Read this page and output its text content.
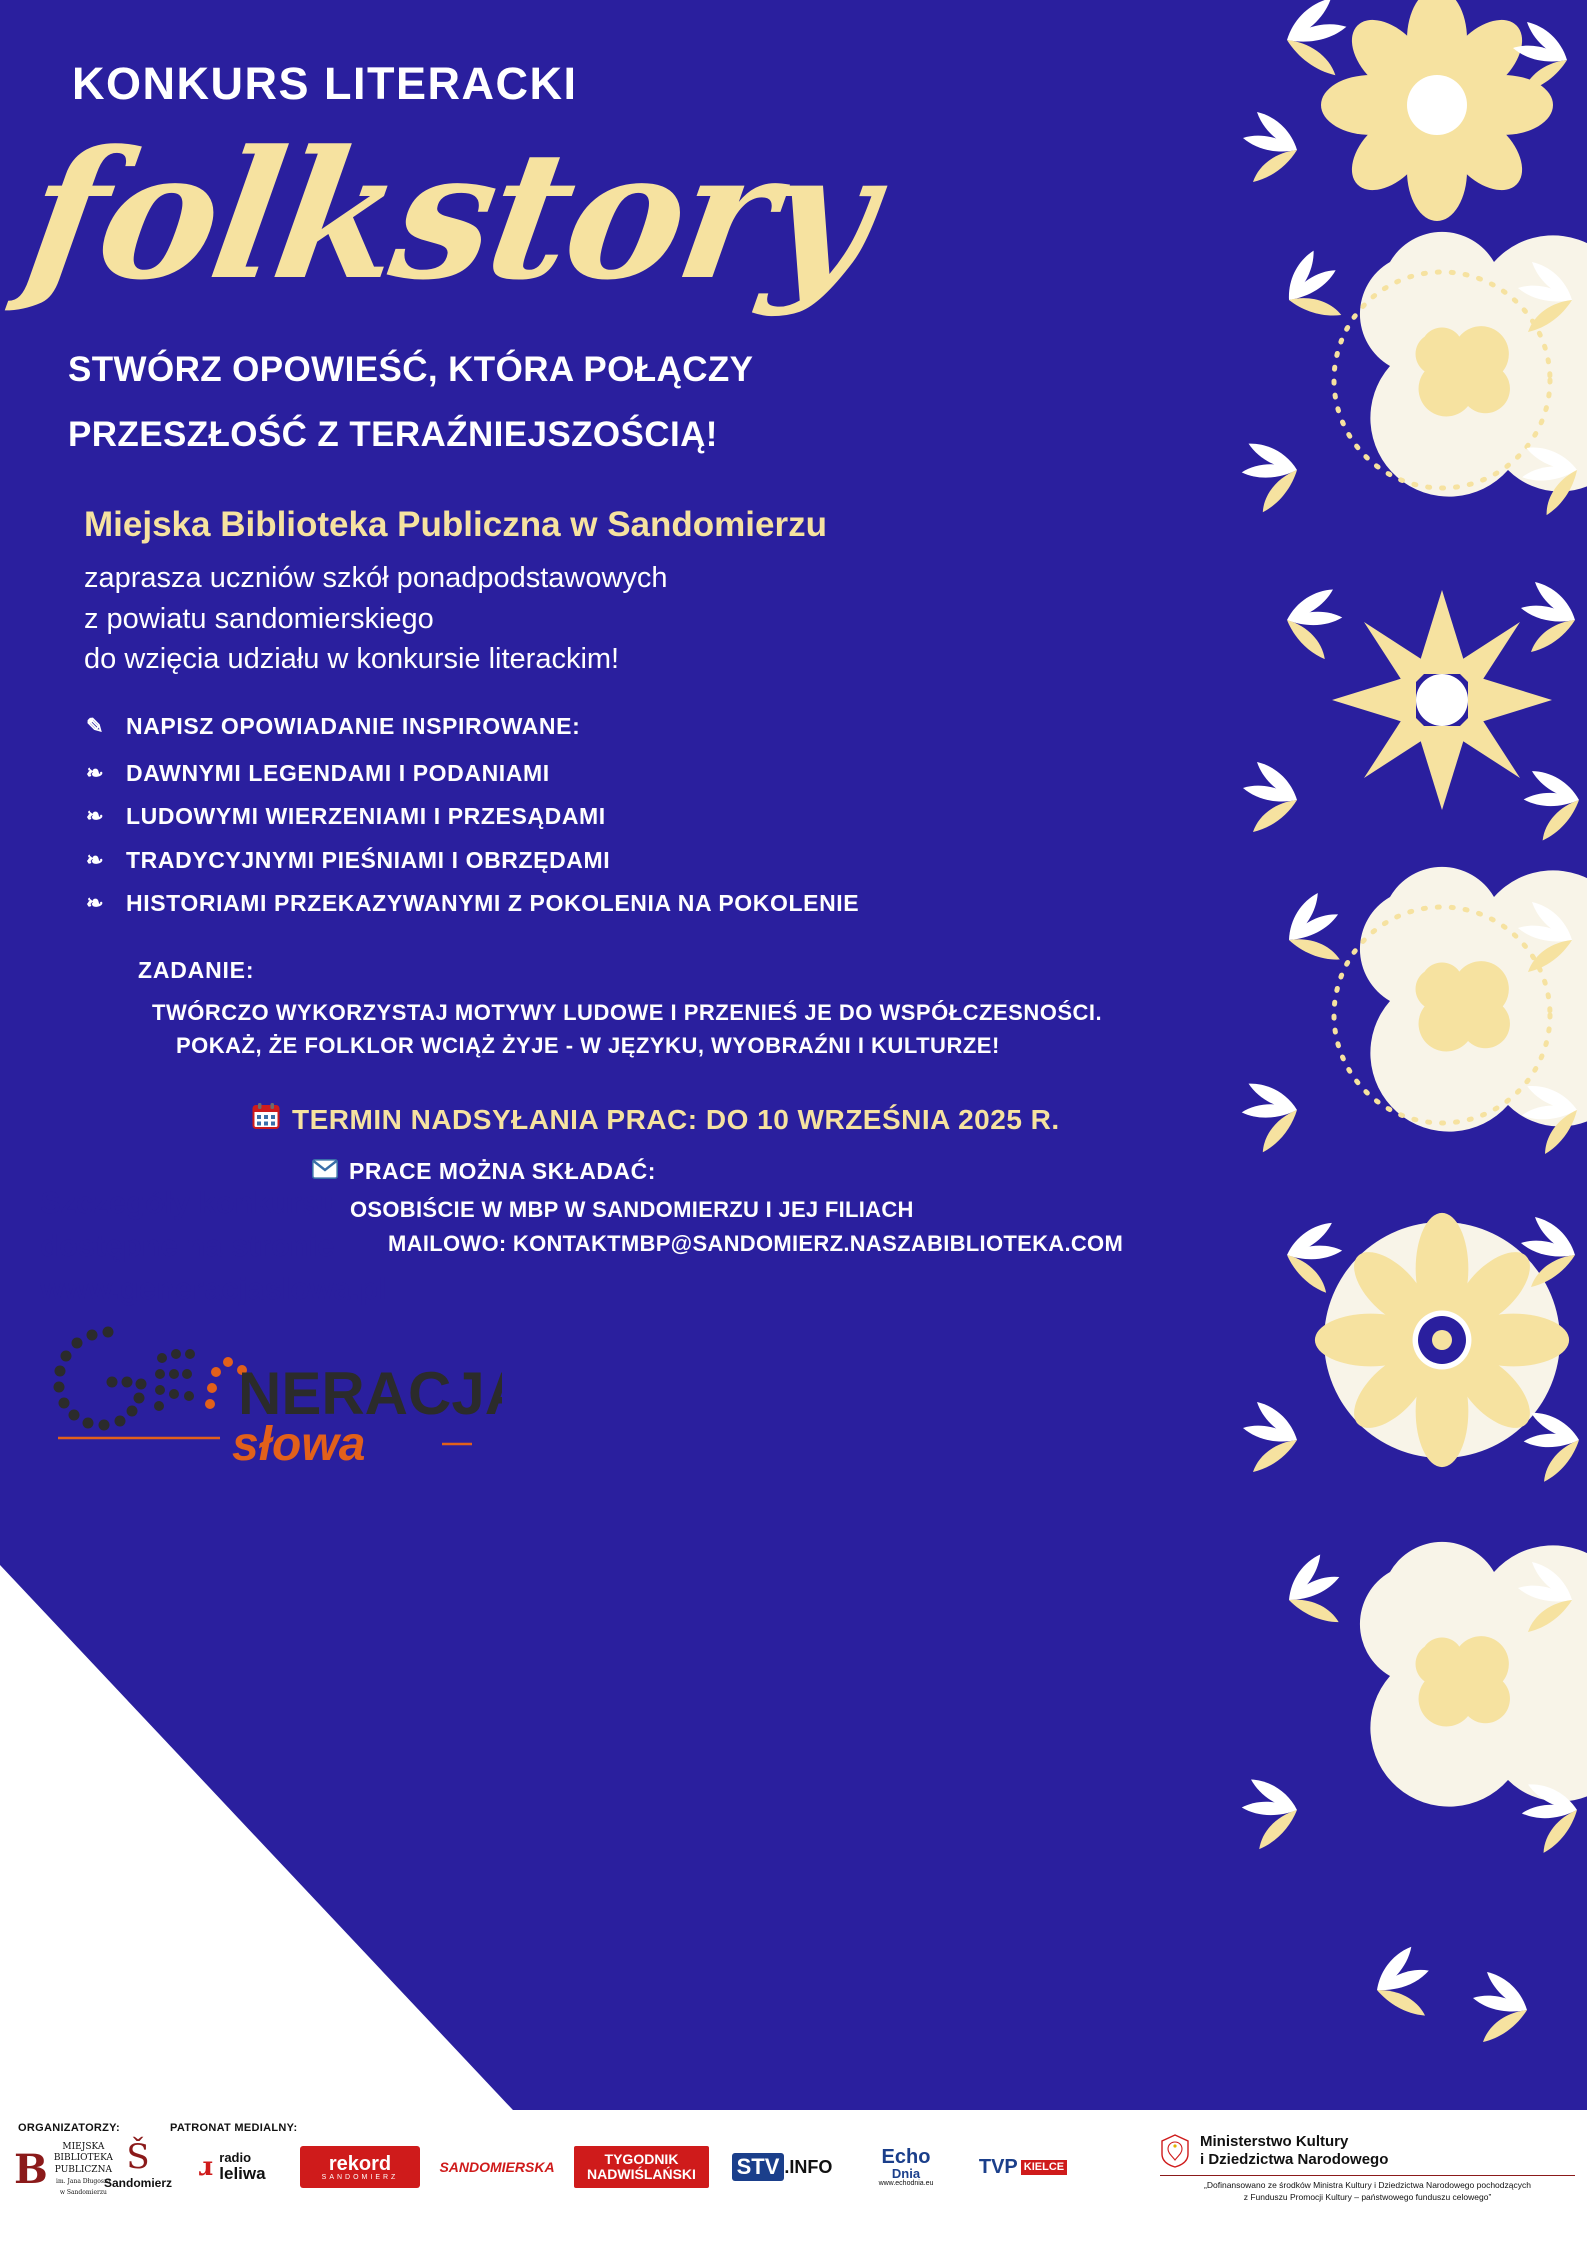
KONKURS LITERACKI
folkstory
STWÓRZ OPOWIEŚĆ, KTÓRA POŁĄCZY
PRZESZŁOŚĆ Z TERAŹNIEJSZOŚCIĄ!
Miejska Biblioteka Publiczna w Sandomierzu
zaprasza uczniów szkół ponadpodstawowych
z powiatu sandomierskiego
do wzięcia udziału w konkursie literackim!
✎ NAPISZ OPOWIADANIE INSPIROWANE:
❧ DAWNYMI LEGENDAMI I PODANIAMI
❧ LUDOWYMI WIERZENIAMI I PRZESĄDAMI
❧ TRADYCYJNYMI PIEŚNIAMI I OBRZĘDAMI
❧ HISTORIAMI PRZEKAZYWANYMI Z POKOLENIA NA POKOLENIE
ZADANIE:
TWÓRCZO WYKORZYSTAJ MOTYWY LUDOWE I PRZENIEŚ JE DO WSPÓŁCZESNOŚCI.
POKAŻ, ŻE FOLKLOR WCIĄŻ ŻYJE - W JĘZYKU, WYOBRAŹNI I KULTURZE!
TERMIN NADSYŁANIA PRAC: DO 10 WRZEŚNIA 2025 R.
PRACE MOŻNA SKŁADAĆ:
OSOBIŚCIE W MBP W SANDOMIERZU I JEJ FILIACH
MAILOWO: KONTAKTMBP@SANDOMIERZ.NASZABIBLIOTEKA.COM
Szczegóły konkursu
dostępne na stronie
www.generacjaslowa.pl
NERACJA
słowa
ORGANIZATORZY:	PATRONAT MEDIALNY:
B	MIEJSKA
BIBLIOTEKA
PUBLICZNA
im. Jana Długosza
w Sandomierzu
Š
Sandomierz
ɹ radio
leliwa	rekord
SANDOMIERZ
SANDOMIERSKA	TYGODNIK
NADWIŚLAŃSKI STV .INFO Echo
Dnia
www.echodnia.eu
TVP KIELCE
Ministerstwo Kultury
i Dziedzictwa Narodowego
„Dofinansowano ze środków Ministra Kultury i Dziedzictwa Narodowego pochodzących
z Funduszu Promocji Kultury – państwowego funduszu celowego”
